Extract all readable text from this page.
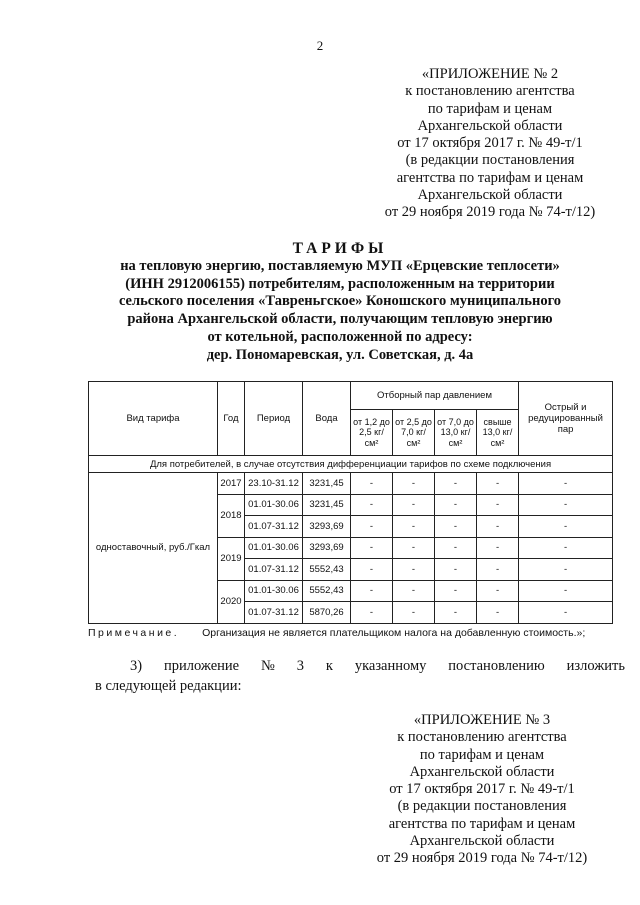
2
«ПРИЛОЖЕНИЕ № 2
к постановлению агентства
по тарифам и ценам
Архангельской области
от 17 октября 2017 г. № 49-т/1
(в редакции постановления
агентства по тарифам и ценам
Архангельской области
от 29 ноября 2019 года № 74-т/12)
ТАРИФЫ
на тепловую энергию, поставляемую МУП «Ерцевские теплосети»
(ИНН 2912006155) потребителям, расположенным на территории
сельского поселения «Тавреньгское» Коношского муниципального
района Архангельской области, получающим тепловую энергию
от котельной, расположенной по адресу:
дер. Пономаревская, ул. Советская, д. 4а
Вид тарифа	Год	Период	Вода	Отборный пар давлением				Острый и редуцированный пар
				от 1,2 до 2,5 кг/см²	от 2,5 до 7,0 кг/см²	от 7,0 до 13,0 кг/см²	свыше 13,0 кг/см²	
Для потребителей, в случае отсутствия дифференциации тарифов по схеме подключения								
одноставочный, руб./Гкал	2017	23.10-31.12	3231,45	-	-	-	-	-
	2018	01.01-30.06	3231,45	-	-	-	-	-
		01.07-31.12	3293,69	-	-	-	-	-
	2019	01.01-30.06	3293,69	-	-	-	-	-
		01.07-31.12	5552,43	-	-	-	-	-
	2020	01.01-30.06	5552,43	-	-	-	-	-
		01.07-31.12	5870,26	-	-	-	-	-
Примечание. Организация не является плательщиком налога на добавленную стоимость.»;
3) приложение № 3 к указанному постановлению изложить
в следующей редакции:
«ПРИЛОЖЕНИЕ № 3
к постановлению агентства
по тарифам и ценам
Архангельской области
от 17 октября 2017 г. № 49-т/1
(в редакции постановления
агентства по тарифам и ценам
Архангельской области
от 29 ноября 2019 года № 74-т/12)
